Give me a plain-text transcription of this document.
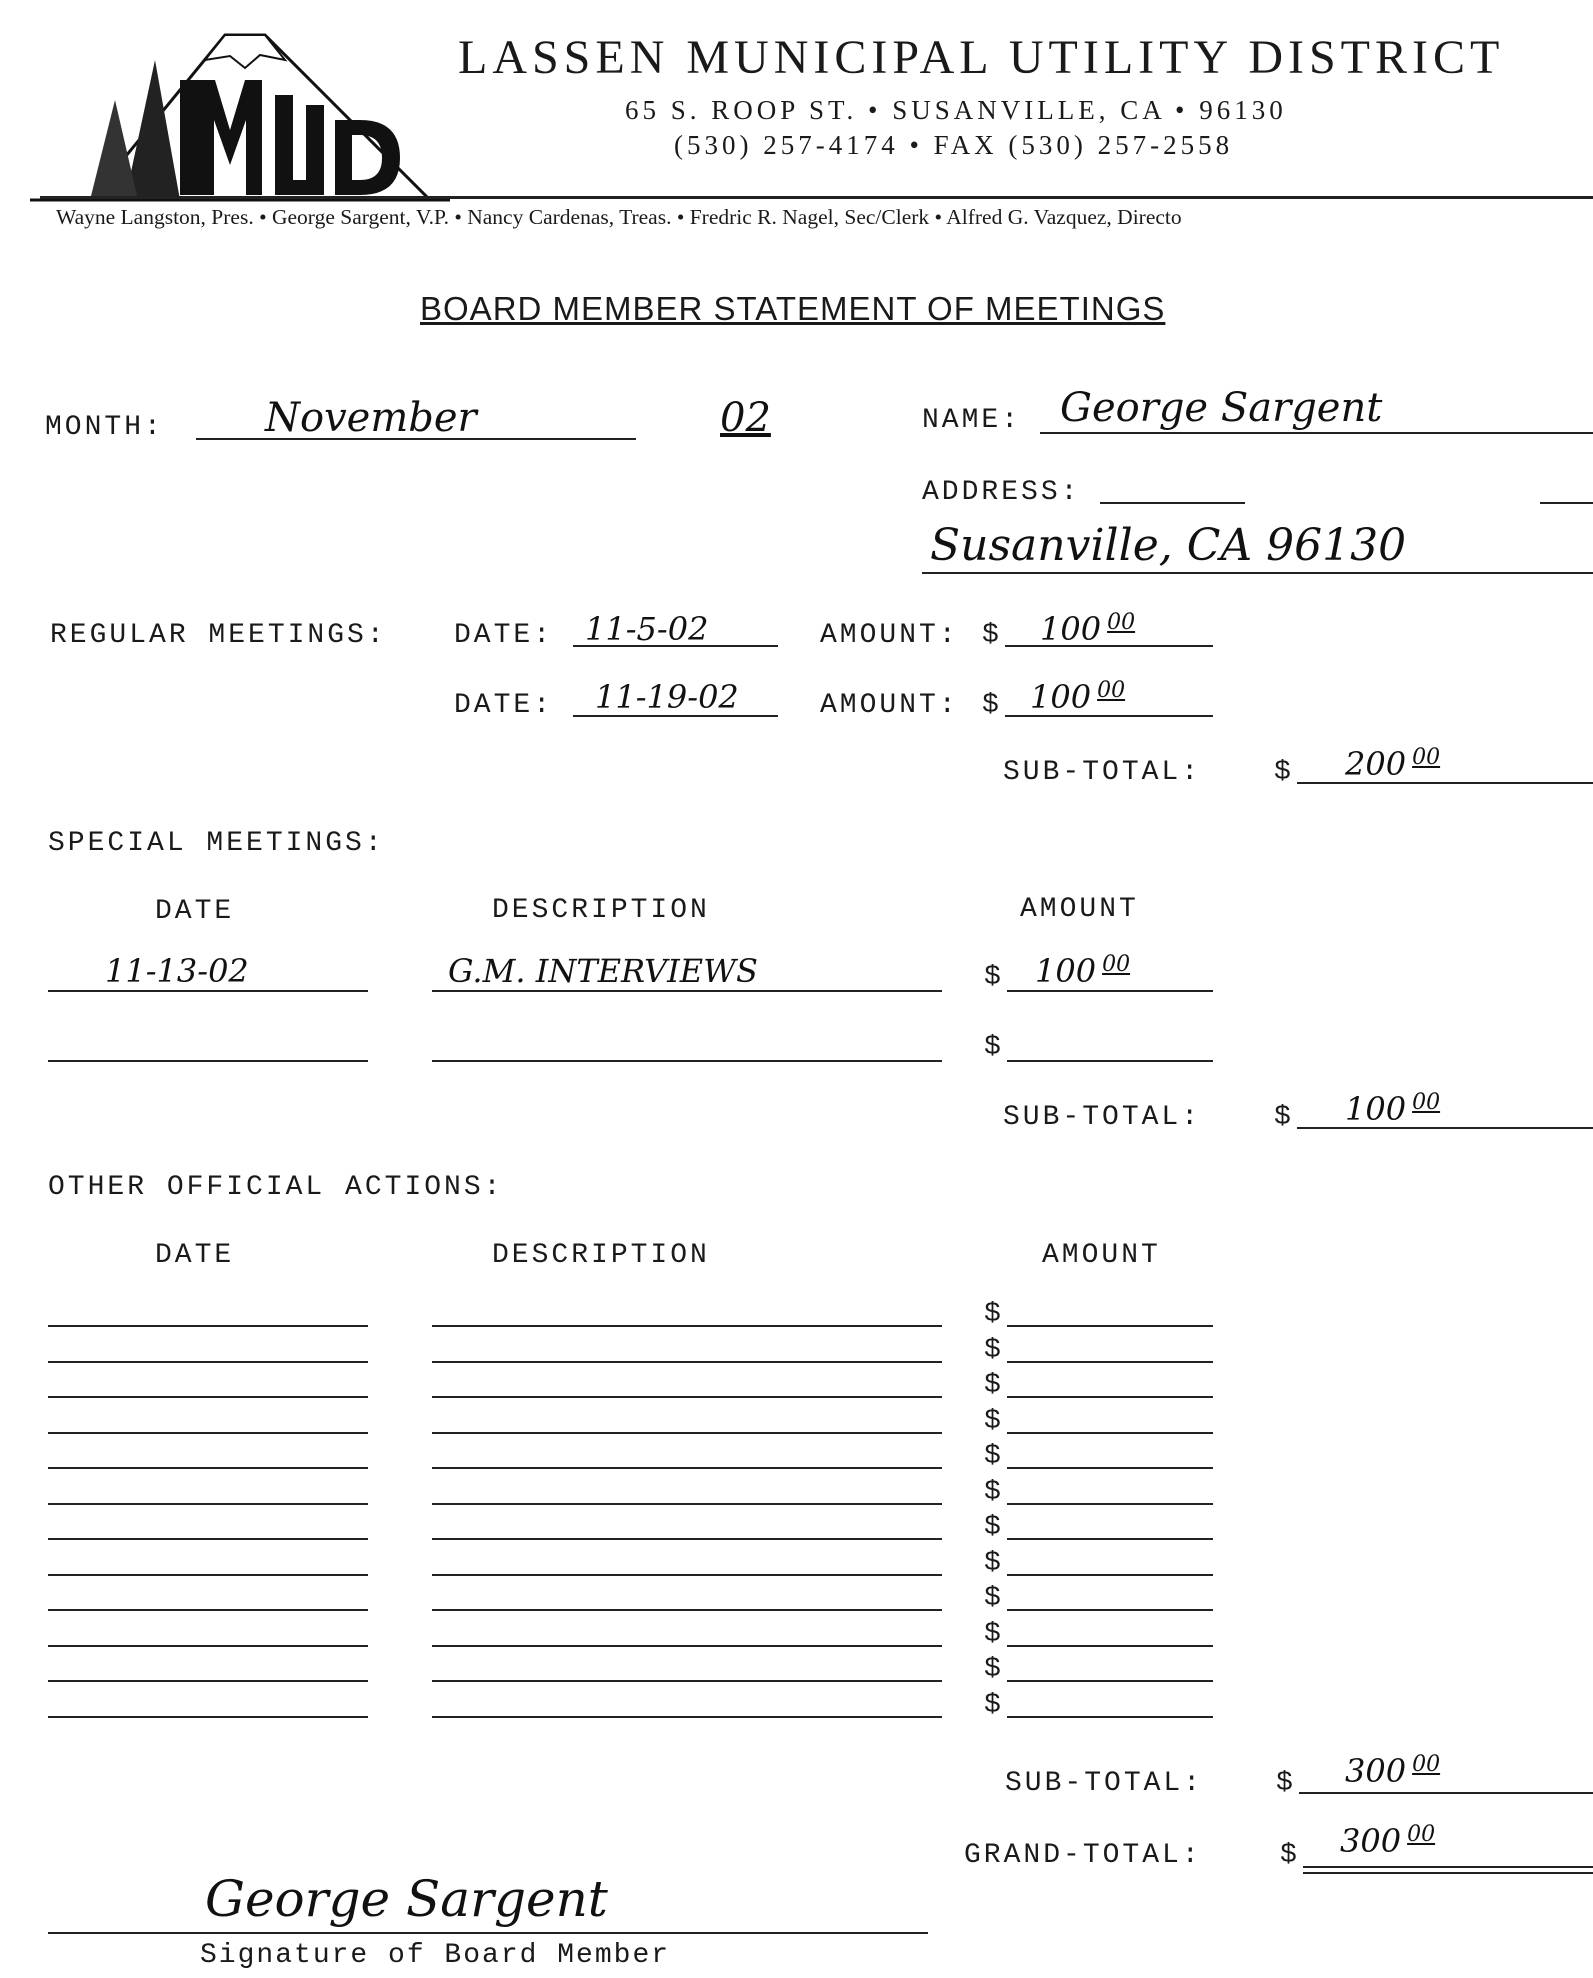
LASSEN MUNICIPAL UTILITY DISTRICT
65 S. ROOP ST. • SUSANVILLE, CA • 96130
(530) 257-4174 • FAX (530) 257-2558
Wayne Langston, Pres. • George Sargent, V.P. • Nancy Cardenas, Treas. • Fredric R. Nagel, Sec/Clerk • Alfred G. Vazquez, Directo
BOARD MEMBER STATEMENT OF MEETINGS
MONTH:	November	02	NAME: George Sargent
ADDRESS:
Susanville, CA 96130
REGULAR MEETINGS: DATE: 11-5-02	AMOUNT: $ 100 $^{00}$
DATE: 11-19-02	AMOUNT: $ 100 $^{00}$
SUB-TOTAL:	$ 200 $^{00}$
SPECIAL MEETINGS:
DATE	DESCRIPTION	AMOUNT
11-13-02	G.M. INTERVIEWS	$ 100 $^{00}$
$
SUB-TOTAL:	$ 100 $^{00}$
OTHER OFFICIAL ACTIONS:
DATE	DESCRIPTION	AMOUNT
$
$
$
$
$
$
$
$
$
$
$
$
SUB-TOTAL:	$ 300 $^{00}$
GRAND-TOTAL:	$ 300 $^{00}$
George Sargent
Signature of Board Member
